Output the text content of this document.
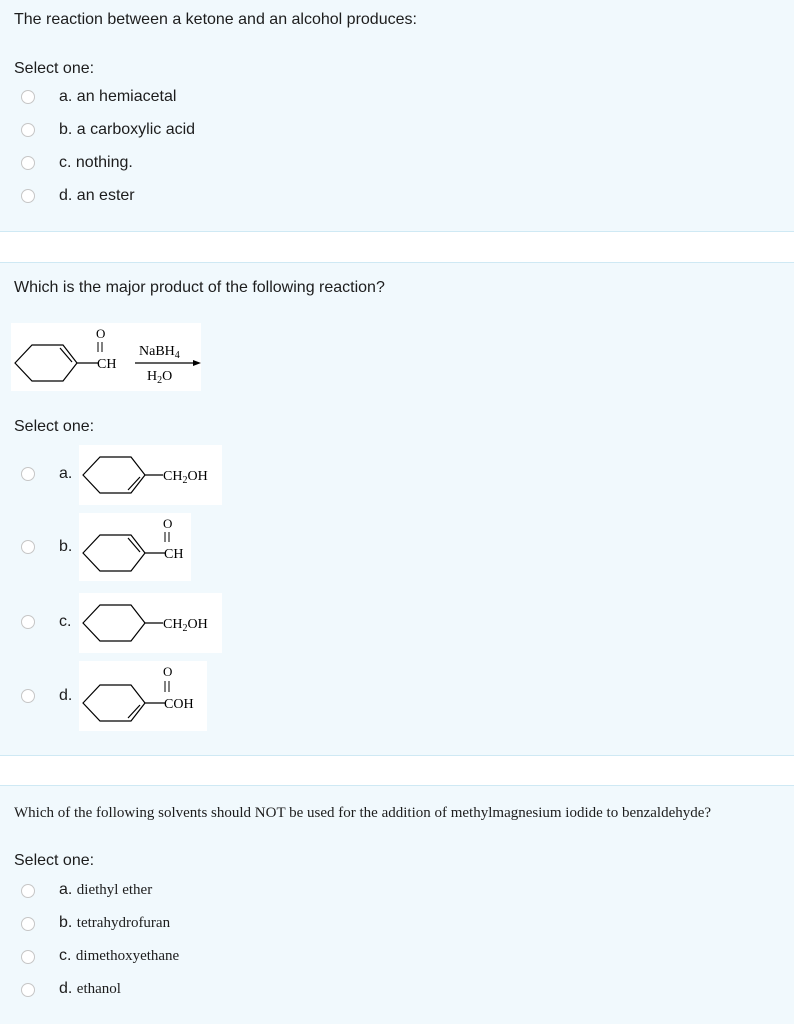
The reaction between a ketone and an alcohol produces:
Select one:
a. an hemiacetal
b. a carboxylic acid
c. nothing.
d. an ester
Which is the major product of the following reaction?
O
CH
NaBH$_4$
$H_2O$
Select one:
a.	$CH_2OH$
b.
O
CH
c.	$CH_2OH$
d.
O
COH
Which of the following solvents should NOT be used for the addition of methylmagnesium iodide to benzaldehyde?
Select one:
a. diethyl ether
b. tetrahydrofuran
c. dimethoxyethane
d. ethanol
